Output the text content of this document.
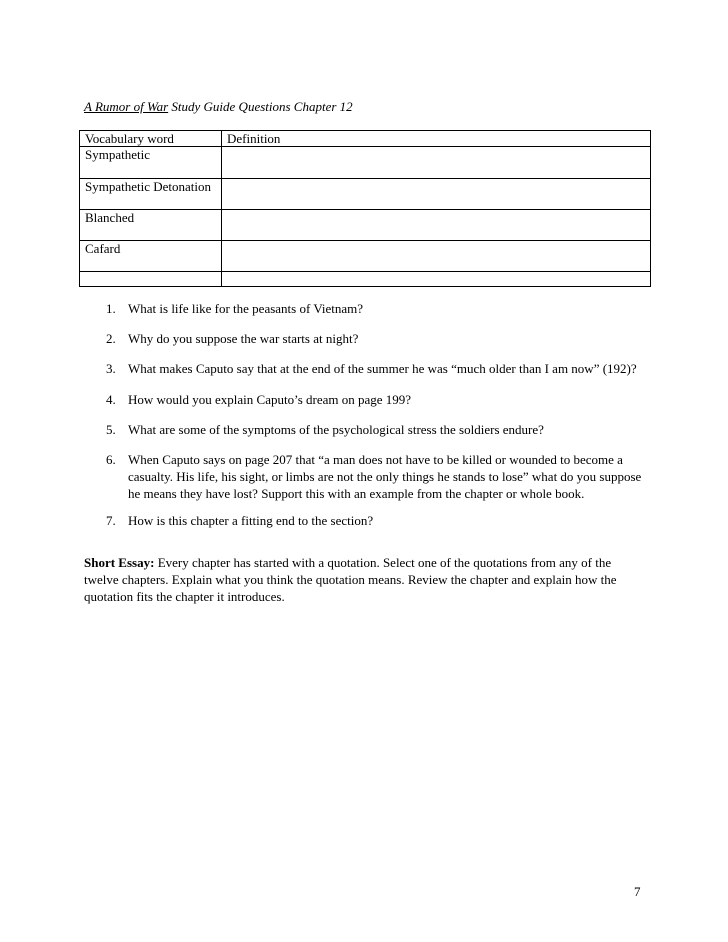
A Rumor of War Study Guide Questions Chapter 12
Vocabulary word	Definition
Sympathetic	
Sympathetic Detonation	
Blanched	
Cafard	

1. What is life like for the peasants of Vietnam?
2. Why do you suppose the war starts at night?
3. What makes Caputo say that at the end of the summer he was “much older than I am now” (192)?
4. How would you explain Caputo’s dream on page 199?
5. What are some of the symptoms of the psychological stress the soldiers endure?
6. When Caputo says on page 207 that “a man does not have to be killed or wounded to become a casualty. His life, his sight, or limbs are not the only things he stands to lose” what do you suppose he means they have lost? Support this with an example from the chapter or whole book.
7. How is this chapter a fitting end to the section?
Short Essay: Every chapter has started with a quotation. Select one of the quotations from any of the twelve chapters. Explain what you think the quotation means. Review the chapter and explain how the quotation fits the chapter it introduces.
7
